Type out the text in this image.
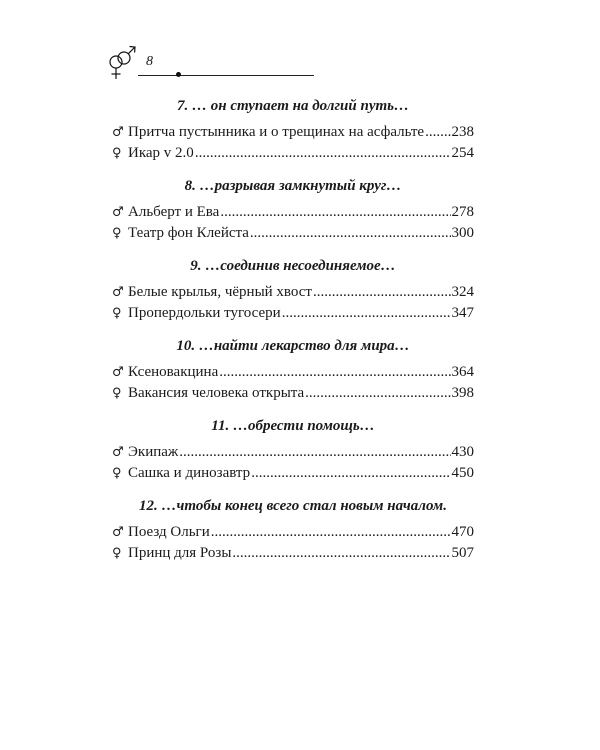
8
7. … он ступает на долгий путь…
♂ Притча пустынника и о трещинах на асфальте ..... 238
♀ Икар v 2.0 .....	254
8. …разрывая замкнутый круг…
♂ Альберт и Ева .....	278
♀ Театр фон Клейста .....	300
9. …соединив несоединяемое…
♂ Белые крылья, чёрный хвост .....	324
♀ Пропердольки тугосери .....	347
10. …найти лекарство для мира…
♂ Ксеновакцина .....	364
♀ Вакансия человека открыта .....	398
11. …обрести помощь…
♂ Экипаж .....	430
♀ Сашка и динозавтр .....	450
12. …чтобы конец всего стал новым началом.
♂ Поезд Ольги .....	470
♀ Принц для Розы .....	507
